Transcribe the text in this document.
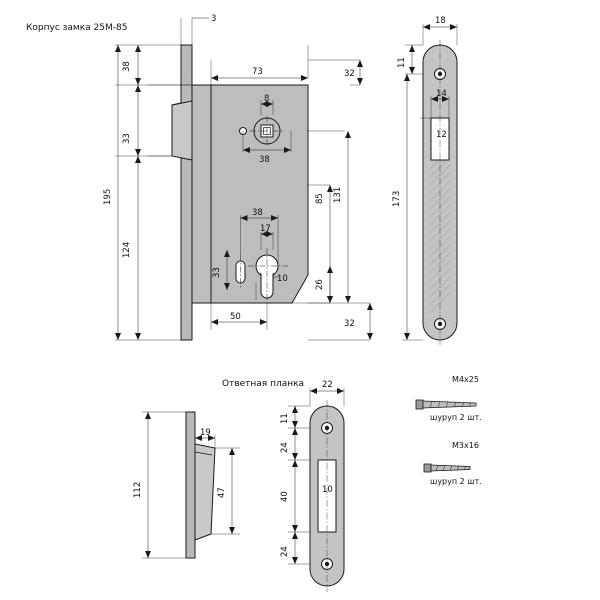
Корпус замка 25M-85
3
38
33
124
195
73	32
8
38
85 131
32
38
17
33
10
26
50
18
11
14
12
173
Ответная планка
112
19
47
22
11
24
40
24
10
M4x25
шуруп 2 шт.
M3x16
шуруп 2 шт.
